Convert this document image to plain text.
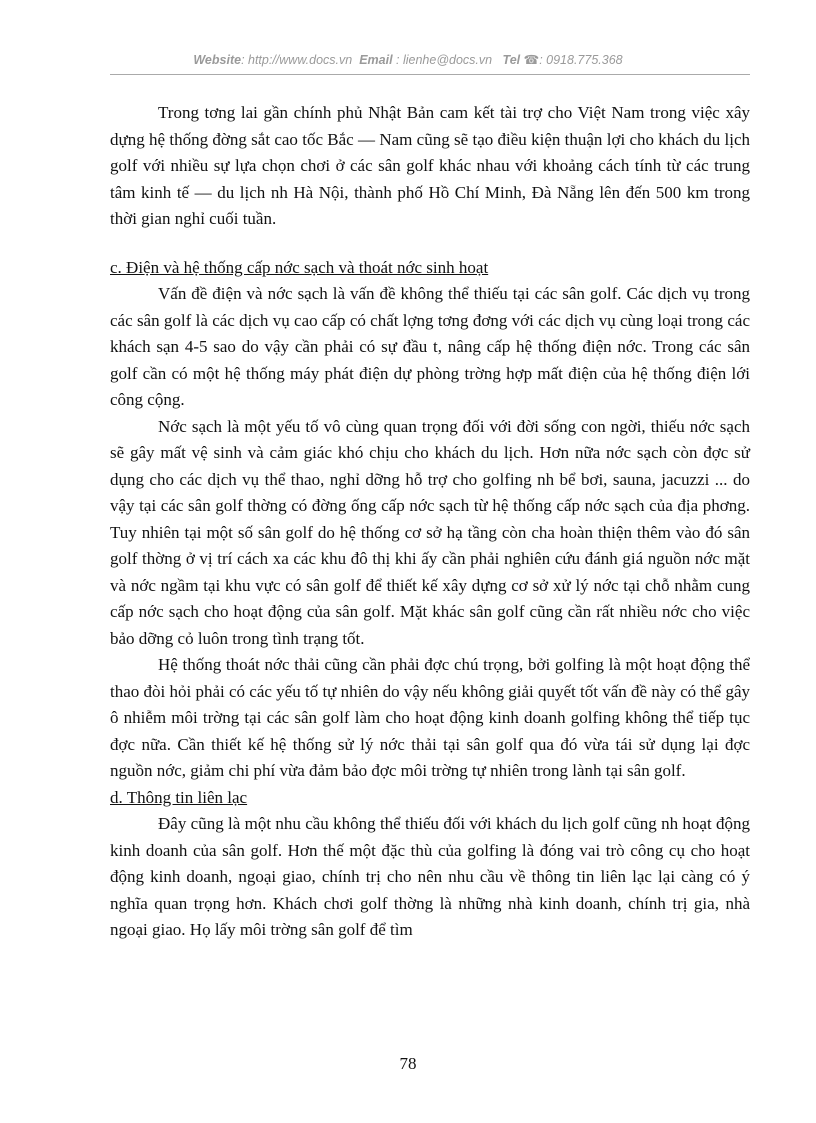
Website: http://www.docs.vn Email : lienhe@docs.vn Tel ☎: 0918.775.368

Trong tơng lai gần chính phủ Nhật Bản cam kết tài trợ cho Việt Nam trong việc xây dựng hệ thống đờng sắt cao tốc Bắc — Nam cũng sẽ tạo điều kiện thuận lợi cho khách du lịch golf với nhiều sự lựa chọn chơi ở các sân golf khác nhau với khoảng cách tính từ các trung tâm kinh tế — du lịch nh Hà Nội, thành phố Hồ Chí Minh, Đà Nẵng lên đến 500 km trong thời gian nghỉ cuối tuần.

c. Điện và hệ thống cấp nớc sạch và thoát nớc sinh hoạt

Vấn đề điện và nớc sạch là vấn đề không thể thiếu tại các sân golf. Các dịch vụ trong các sân golf là các dịch vụ cao cấp có chất lợng tơng đơng với các dịch vụ cùng loại trong các khách sạn 4-5 sao do vậy cần phải có sự đầu t, nâng cấp hệ thống điện nớc. Trong các sân golf cần có một hệ thống máy phát điện dự phòng trờng hợp mất điện của hệ thống điện lới công cộng.

Nớc sạch là một yếu tố vô cùng quan trọng đối với đời sống con ngời, thiếu nớc sạch sẽ gây mất vệ sinh và cảm giác khó chịu cho khách du lịch. Hơn nữa nớc sạch còn đợc sử dụng cho các dịch vụ thể thao, nghỉ dỡng hỗ trợ cho golfing nh bể bơi, sauna, jacuzzi ... do vậy tại các sân golf thờng có đờng ống cấp nớc sạch từ hệ thống cấp nớc sạch của địa phơng. Tuy nhiên tại một số sân golf do hệ thống cơ sở hạ tầng còn cha hoàn thiện thêm vào đó sân golf thờng ở vị trí cách xa các khu đô thị khi ấy cần phải nghiên cứu đánh giá nguồn nớc mặt và nớc ngầm tại khu vực có sân golf để thiết kế xây dựng cơ sở xử lý nớc tại chỗ nhằm cung cấp nớc sạch cho hoạt động của sân golf. Mặt khác sân golf cũng cần rất nhiều nớc cho việc bảo dỡng cỏ luôn trong tình trạng tốt.

Hệ thống thoát nớc thải cũng cần phải đợc chú trọng, bởi golfing là một hoạt động thể thao đòi hỏi phải có các yếu tố tự nhiên do vậy nếu không giải quyết tốt vấn đề này có thể gây ô nhiễm môi trờng tại các sân golf làm cho hoạt động kinh doanh golfing không thể tiếp tục đợc nữa. Cần thiết kế hệ thống sử lý nớc thải tại sân golf qua đó vừa tái sử dụng lại đợc nguồn nớc, giảm chi phí vừa đảm bảo đợc môi trờng tự nhiên trong lành tại sân golf.

d. Thông tin liên lạc

Đây cũng là một nhu cầu không thể thiếu đối với khách du lịch golf cũng nh hoạt động kinh doanh của sân golf. Hơn thế một đặc thù của golfing là đóng vai trò công cụ cho hoạt động kinh doanh, ngoại giao, chính trị cho nên nhu cầu về thông tin liên lạc lại càng có ý nghĩa quan trọng hơn. Khách chơi golf thờng là những nhà kinh doanh, chính trị gia, nhà ngoại giao. Họ lấy môi trờng sân golf để tìm

78
